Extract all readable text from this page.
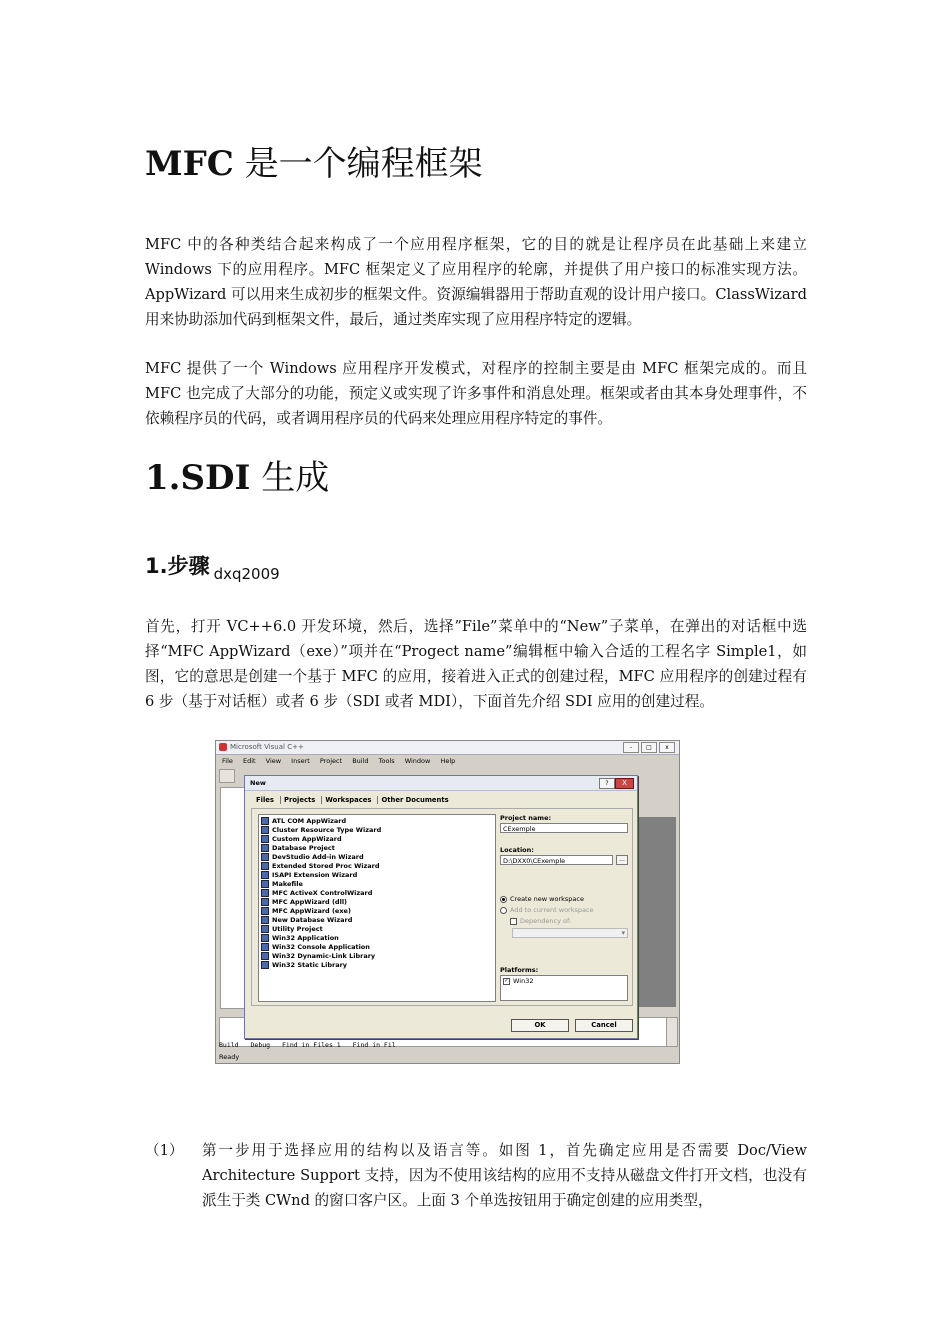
MFC 是一个编程框架

MFC 中的各种类结合起来构成了一个应用程序框架，它的目的就是让程序员在此基础上来建立 Windows 下的应用程序。MFC 框架定义了应用程序的轮廓，并提供了用户接口的标准实现方法。AppWizard 可以用来生成初步的框架文件。资源编辑器用于帮助直观的设计用户接口。ClassWizard 用来协助添加代码到框架文件，最后，通过类库实现了应用程序特定的逻辑。

MFC 提供了一个 Windows 应用程序开发模式，对程序的控制主要是由 MFC 框架完成的。而且 MFC 也完成了大部分的功能，预定义或实现了许多事件和消息处理。框架或者由其本身处理事件，不依赖程序员的代码，或者调用程序员的代码来处理应用程序特定的事件。

1.SDI 生成
1.步骤 $_{dxq2009}$

首先，打开 VC++6.0 开发环境，然后，选择”File”菜单中的“New”子菜单，在弹出的对话框中选择“MFC AppWizard（exe）”项并在“Progect name”编辑框中输入合适的工程名字 Simple1，如图，它的意思是创建一个基于 MFC 的应用，接着进入正式的创建过程，MFC 应用程序的创建过程有 6 步（基于对话框）或者 6 步（SDI 或者 MDI），下面首先介绍 SDI 应用的创建过程。

Microsoft Visual C++	- □ x
File Edit View Insert Project Build Tools Window Help
Build Debug Find in Files 1 Find in Fil
Ready
New	?	X
Files Projects Workspaces Other Documents
ATL COM AppWizard
Cluster Resource Type Wizard
Custom AppWizard
Database Project
DevStudio Add-in Wizard
Extended Stored Proc Wizard
ISAPI Extension Wizard
Makefile
MFC ActiveX ControlWizard
MFC AppWizard (dll)
MFC AppWizard (exe)
New Database Wizard
Utility Project
Win32 Application
Win32 Console Application
Win32 Dynamic-Link Library
Win32 Static Library
Project name:
CExemple
Location:
D:\DXX0\CExemple	...
Create new workspace
Add to current workspace
Dependency of:
▾
Platforms:
✓ Win32
OK	Cancel
（1） 第一步用于选择应用的结构以及语言等。如图 1，首先确定应用是否需要 Doc/View Architecture Support 支持，因为不使用该结构的应用不支持从磁盘文件打开文档，也没有派生于类 CWnd 的窗口客户区。上面 3 个单选按钮用于确定创建的应用类型，
